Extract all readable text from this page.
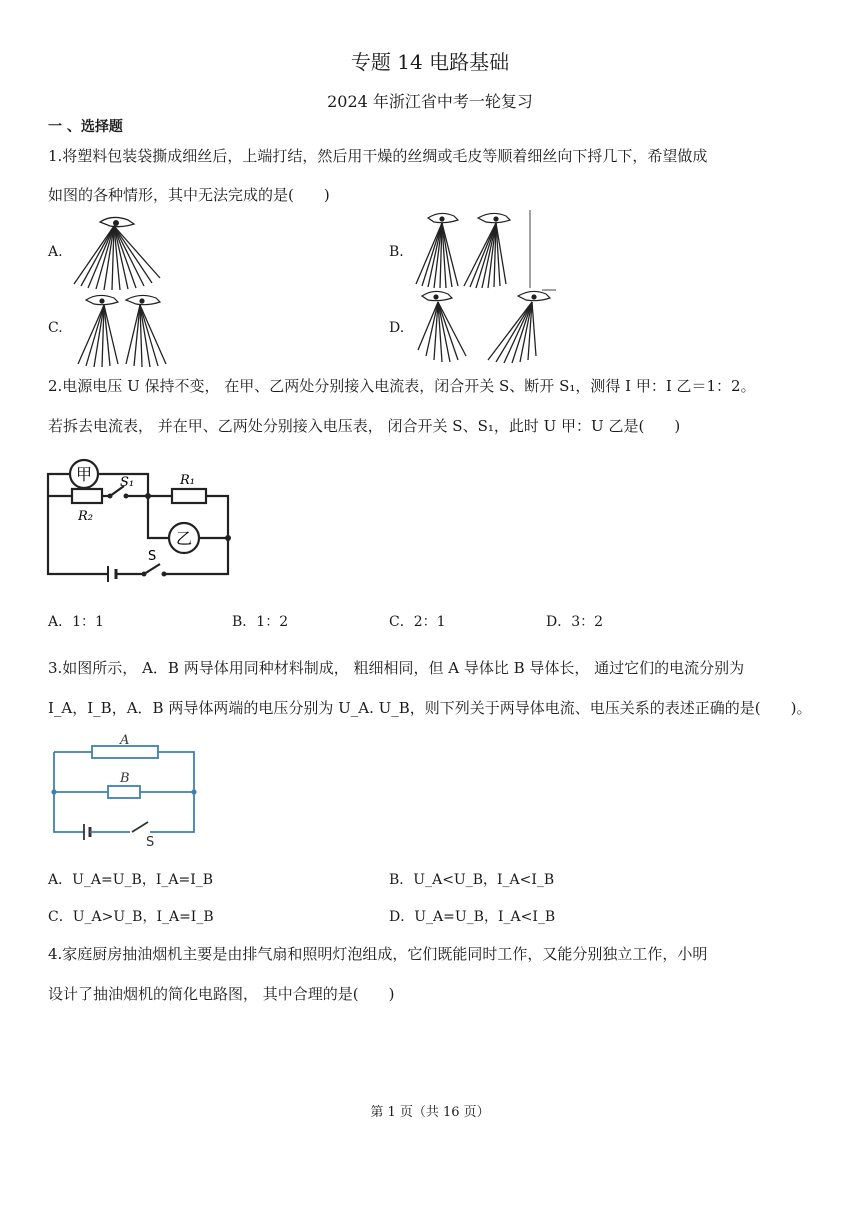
专题 14 电路基础
2024 年浙江省中考一轮复习
一 、选择题
1.将塑料包装袋撕成细丝后，上端打结，然后用干燥的丝绸或毛皮等顺着细丝向下捋几下，希望做成
如图的各种情形，其中无法完成的是(　　)
A.	B.
C.	D.
2.电源电压 U 保持不变， 在甲、乙两处分别接入电流表，闭合开关 S、断开 S₁，测得 I 甲：I 乙＝1：2。
若拆去电流表， 并在甲、乙两处分别接入电压表， 闭合开关 S、S₁，此时 U 甲：U 乙是(　　)
甲 S₁	R₁
R₂
乙
S
A．1：1	B．1：2	C．2：1	D．3：2
3.如图所示， A．B 两导体用同种材料制成， 粗细相同，但 A 导体比 B 导体长， 通过它们的电流分别为
I_A，I_B，A．B 两导体两端的电压分别为 U_A. U_B，则下列关于两导体电流、电压关系的表述正确的是(　　)。
A
B
S
A．U_A=U_B，I_A=I_B	B．U_A<U_B，I_A<I_B
C．U_A>U_B，I_A=I_B	D．U_A=U_B，I_A<I_B
4.家庭厨房抽油烟机主要是由排气扇和照明灯泡组成，它们既能同时工作，又能分别独立工作，小明
设计了抽油烟机的简化电路图， 其中合理的是(　　)
第 1 页（共 16 页）
